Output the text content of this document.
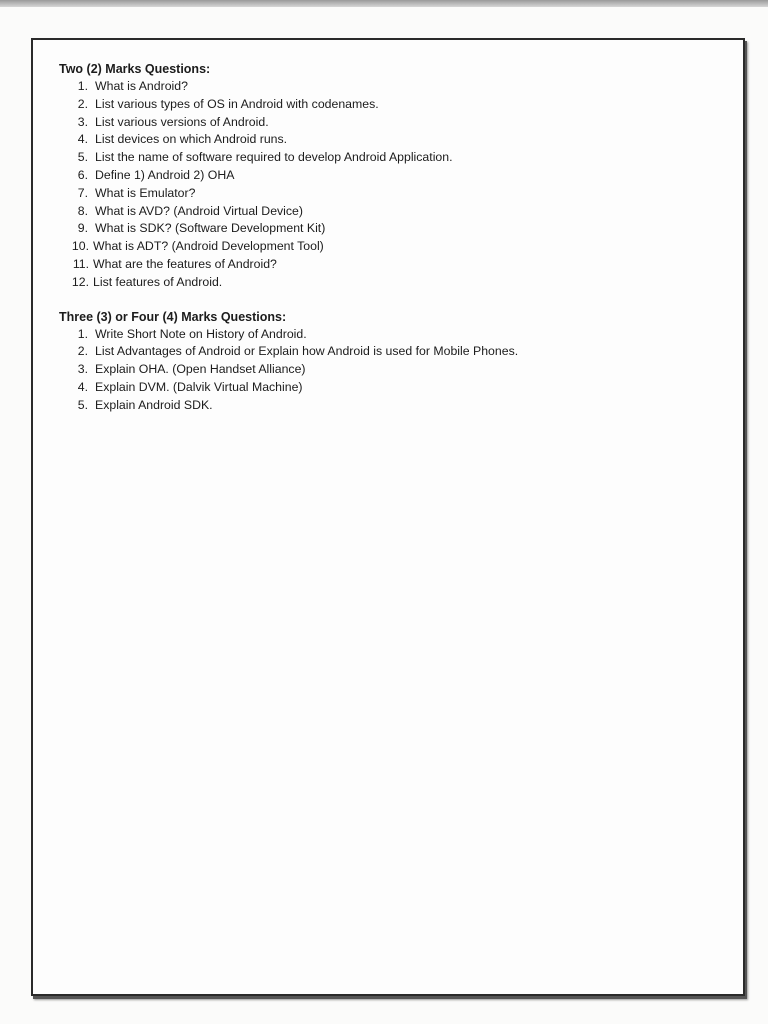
Two (2) Marks Questions:
1. What is Android?
2. List various types of OS in Android with codenames.
3. List various versions of Android.
4. List devices on which Android runs.
5. List the name of software required to develop Android Application.
6. Define 1) Android 2) OHA
7. What is Emulator?
8. What is AVD? (Android Virtual Device)
9. What is SDK? (Software Development Kit)
10. What is ADT? (Android Development Tool)
11. What are the features of Android?
12. List features of Android.
Three (3) or Four (4) Marks Questions:
1. Write Short Note on History of Android.
2. List Advantages of Android or Explain how Android is used for Mobile Phones.
3. Explain OHA. (Open Handset Alliance)
4. Explain DVM. (Dalvik Virtual Machine)
5. Explain Android SDK.
